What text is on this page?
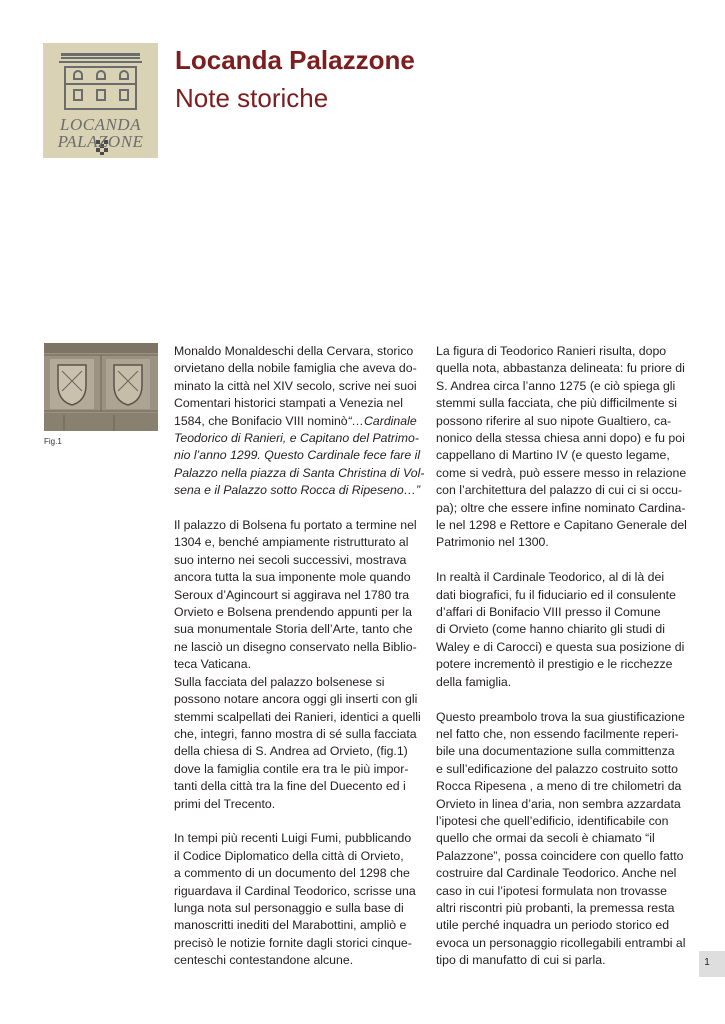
LOCANDA
PALAZONE
Locanda Palazzone
Note storiche
Fig.1

Monaldo Monaldeschi della Cervara, storico
orvietano della nobile famiglia che aveva do-
minato la città nel XIV secolo, scrive nei suoi
Comentari historici stampati a Venezia nel
1584, che Bonifacio VIII nominò“…Cardinale
Teodorico di Ranieri, e Capitano del Patrimo-
nio l’anno 1299. Questo Cardinale fece fare il
Palazzo nella piazza di Santa Christina di Vol-
sena e il Palazzo sotto Rocca di Ripeseno…”

Il palazzo di Bolsena fu portato a termine nel
1304 e, benché ampiamente ristrutturato al
suo interno nei secoli successivi, mostrava
ancora tutta la sua imponente mole quando
Seroux d’Agincourt si aggirava nel 1780 tra
Orvieto e Bolsena prendendo appunti per la
sua monumentale Storia dell’Arte, tanto che
ne lasciò un disegno conservato nella Biblio-
teca Vaticana.

Sulla facciata del palazzo bolsenese si
possono notare ancora oggi gli inserti con gli
stemmi scalpellati dei Ranieri, identici a quelli
che, integri, fanno mostra di sé sulla facciata
della chiesa di S. Andrea ad Orvieto, (fig.1)
dove la famiglia contile era tra le più impor-
tanti della città tra la fine del Duecento ed i
primi del Trecento.

In tempi più recenti Luigi Fumi, pubblicando
il Codice Diplomatico della città di Orvieto,
a commento di un documento del 1298 che
riguardava il Cardinal Teodorico, scrisse una
lunga nota sul personaggio e sulla base di
manoscritti inediti del Marabottini, ampliò e
precisò le notizie fornite dagli storici cinque-
centeschi contestandone alcune.

La figura di Teodorico Ranieri risulta, dopo
quella nota, abbastanza delineata: fu priore di
S. Andrea circa l’anno 1275 (e ciò spiega gli
stemmi sulla facciata, che più difficilmente si
possono riferire al suo nipote Gualtiero, ca-
nonico della stessa chiesa anni dopo) e fu poi
cappellano di Martino IV (e questo legame,
come si vedrà, può essere messo in relazione
con l’architettura del palazzo di cui ci si occu-
pa); oltre che essere infine nominato Cardina-
le nel 1298 e Rettore e Capitano Generale del
Patrimonio nel 1300.

In realtà il Cardinale Teodorico, al di là dei
dati biografici, fu il fiduciario ed il consulente
d’affari di Bonifacio VIII presso il Comune
di Orvieto (come hanno chiarito gli studi di
Waley e di Carocci) e questa sua posizione di
potere incrementò il prestigio e le ricchezze
della famiglia.

Questo preambolo trova la sua giustificazione
nel fatto che, non essendo facilmente reperi-
bile una documentazione sulla committenza
e sull’edificazione del palazzo costruito sotto
Rocca Ripesena , a meno di tre chilometri da
Orvieto in linea d’aria, non sembra azzardata
l’ipotesi che quell’edificio, identificabile con
quello che ormai da secoli è chiamato “il
Palazzone”, possa coincidere con quello fatto
costruire dal Cardinale Teodorico. Anche nel
caso in cui l’ipotesi formulata non trovasse
altri riscontri più probanti, la premessa resta
utile perché inquadra un periodo storico ed
evoca un personaggio ricollegabili entrambi al
tipo di manufatto di cui si parla.	1
